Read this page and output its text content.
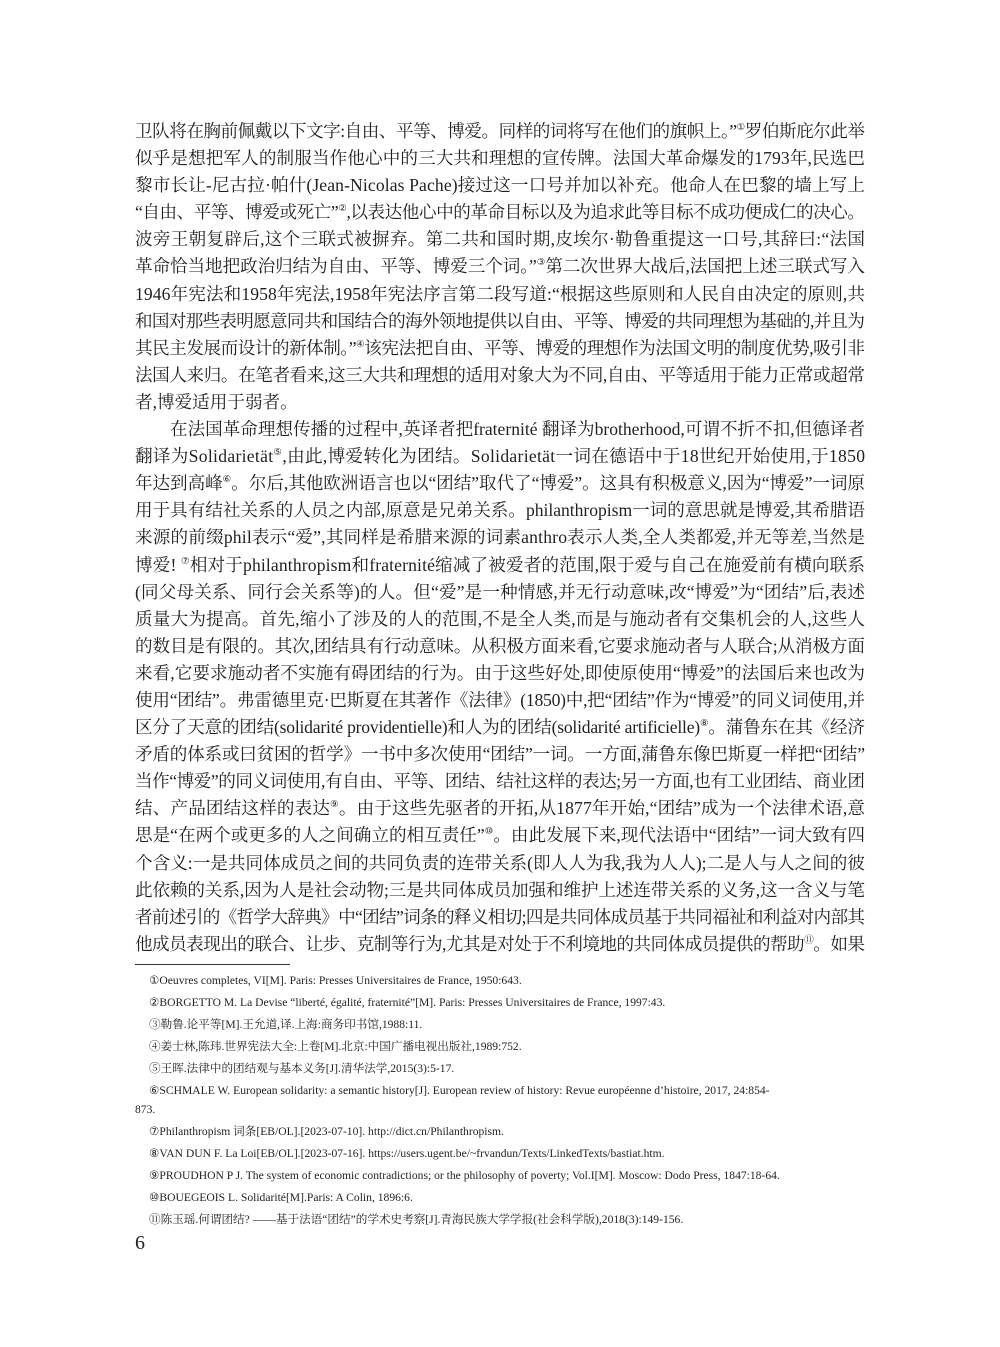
卫队将在胸前佩戴以下文字:自由、平等、博爱。同样的词将写在他们的旗帜上。”①罗伯斯庇尔此举
似乎是想把军人的制服当作他心中的三大共和理想的宣传牌。法国大革命爆发的1793年,民选巴
黎市长让-尼古拉·帕什(Jean-Nicolas Pache)接过这一口号并加以补充。他命人在巴黎的墙上写上
“自由、平等、博爱或死亡”②,以表达他心中的革命目标以及为追求此等目标不成功便成仁的决心。
波旁王朝复辟后,这个三联式被摒弃。第二共和国时期,皮埃尔·勒鲁重提这一口号,其辞曰:“法国
革命恰当地把政治归结为自由、平等、博爱三个词。”③第二次世界大战后,法国把上述三联式写入
1946年宪法和1958年宪法,1958年宪法序言第二段写道:“根据这些原则和人民自由决定的原则,共
和国对那些表明愿意同共和国结合的海外领地提供以自由、平等、博爱的共同理想为基础的,并且为
其民主发展而设计的新体制。”④该宪法把自由、平等、博爱的理想作为法国文明的制度优势,吸引非
法国人来归。在笔者看来,这三大共和理想的适用对象大为不同,自由、平等适用于能力正常或超常
者,博爱适用于弱者。
在法国革命理想传播的过程中,英译者把fraternité 翻译为brotherhood,可谓不折不扣,但德译者
翻译为Solidarietät⑤,由此,博爱转化为团结。Solidarietät一词在德语中于18世纪开始使用,于1850
年达到高峰⑥。尔后,其他欧洲语言也以“团结”取代了“博爱”。这具有积极意义,因为“博爱”一词原
用于具有结社关系的人员之内部,原意是兄弟关系。philanthropism一词的意思就是博爱,其希腊语
来源的前缀phil表示“爱”,其同样是希腊来源的词素anthro表示人类,全人类都爱,并无等差,当然是
博爱! ⑦相对于philanthropism和fraternité缩减了被爱者的范围,限于爱与自己在施爱前有横向联系
(同父母关系、同行会关系等)的人。但“爱”是一种情感,并无行动意味,改“博爱”为“团结”后,表述
质量大为提高。首先,缩小了涉及的人的范围,不是全人类,而是与施动者有交集机会的人,这些人
的数目是有限的。其次,团结具有行动意味。从积极方面来看,它要求施动者与人联合;从消极方面
来看,它要求施动者不实施有碍团结的行为。由于这些好处,即使原使用“博爱”的法国后来也改为
使用“团结”。弗雷德里克·巴斯夏在其著作《法律》(1850)中,把“团结”作为“博爱”的同义词使用,并
区分了天意的团结(solidarité providentielle)和人为的团结(solidarité artificielle)⑧。蒲鲁东在其《经济
矛盾的体系或曰贫困的哲学》一书中多次使用“团结”一词。一方面,蒲鲁东像巴斯夏一样把“团结”
当作“博爱”的同义词使用,有自由、平等、团结、结社这样的表达;另一方面,也有工业团结、商业团
结、产品团结这样的表达⑨。由于这些先驱者的开拓,从1877年开始,“团结”成为一个法律术语,意
思是“在两个或更多的人之间确立的相互责任”⑩。由此发展下来,现代法语中“团结”一词大致有四
个含义:一是共同体成员之间的共同负责的连带关系(即人人为我,我为人人);二是人与人之间的彼
此依赖的关系,因为人是社会动物;三是共同体成员加强和维护上述连带关系的义务,这一含义与笔
者前述引的《哲学大辞典》中“团结”词条的释义相切;四是共同体成员基于共同福祉和利益对内部其
他成员表现出的联合、让步、克制等行为,尤其是对处于不利境地的共同体成员提供的帮助⑪。如果
①Oeuvres completes, VI[M]. Paris: Presses Universitaires de France, 1950:643.
②BORGETTO M. La Devise “liberté, égalité, fraternité”[M]. Paris: Presses Universitaires de France, 1997:43.
③勒鲁.论平等[M].王允道,译.上海:商务印书馆,1988:11.
④姜士林,陈玮.世界宪法大全:上卷[M].北京:中国广播电视出版社,1989:752.
⑤王晖.法律中的团结观与基本义务[J].清华法学,2015(3):5-17.
⑥SCHMALE W. European solidarity: a semantic history[J]. European review of history: Revue européenne d’histoire, 2017, 24:854-
873.
⑦Philanthropism 词条[EB/OL].[2023-07-10]. http://dict.cn/Philanthropism.
⑧VAN DUN F. La Loi[EB/OL].[2023-07-16]. https://users.ugent.be/~frvandun/Texts/LinkedTexts/bastiat.htm.
⑨PROUDHON P J. The system of economic contradictions; or the philosophy of poverty; Vol.I[M]. Moscow: Dodo Press, 1847:18-64.
⑩BOUEGEOIS L. Solidarité[M].Paris: A Colin, 1896:6.
⑪陈玉瑶.何谓团结? ——基于法语“团结”的学术史考察[J].青海民族大学学报(社会科学版),2018(3):149-156.
6
